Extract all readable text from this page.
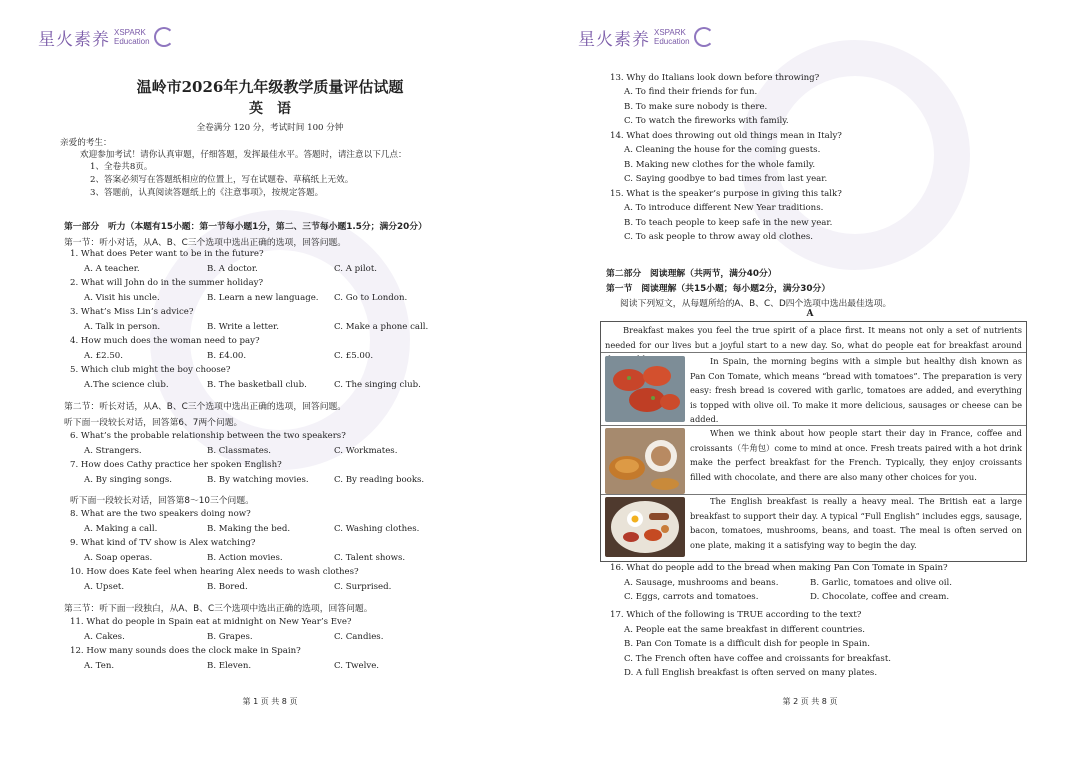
星火素养 XSPARK
Education
温岭市2026年九年级教学质量评估试题
英　语
全卷满分 120 分，考试时间 100 分钟
亲爱的考生：
欢迎参加考试！请你认真审题，仔细答题，发挥最佳水平。答题时，请注意以下几点：
1、全卷共8页。
2、答案必须写在答题纸相应的位置上，写在试题卷、草稿纸上无效。
3、答题前，认真阅读答题纸上的《注意事项》，按规定答题。
第一部分　听力（本题有15小题：第一节每小题1分，第二、三节每小题1.5分；满分20分）
第一节：听小对话，从A、B、C三个选项中选出正确的选项，回答问题。
1. What does Peter want to be in the future?
A. A teacher.	B. A doctor.	C. A pilot.
2. What will John do in the summer holiday?
A. Visit his uncle.	B. Learn a new language. C. Go to London.
3. What’s Miss Lin’s advice?
A. Talk in person.	B. Write a letter.	C. Make a phone call.
4. How much does the woman need to pay?
A. £2.50.	B. £4.00.	C. £5.00.
5. Which club might the boy choose?
A.The science club.	B. The basketball club.	C. The singing club.
第二节：听长对话，从A、B、C三个选项中选出正确的选项，回答问题。
听下面一段较长对话，回答第6、7两个问题。
6. What’s the probable relationship between the two speakers?
A. Strangers.	B. Classmates.	C. Workmates.
7. How does Cathy practice her spoken English?
A. By singing songs.	B. By watching movies.	C. By reading books.
听下面一段较长对话，回答第8～10三个问题。
8. What are the two speakers doing now?
A. Making a call.	B. Making the bed.	C. Washing clothes.
9. What kind of TV show is Alex watching?
A. Soap operas.	B. Action movies.	C. Talent shows.
10. How does Kate feel when hearing Alex needs to wash clothes?
A. Upset.	B. Bored.	C. Surprised.
第三节：听下面一段独白，从A、B、C三个选项中选出正确的选项，回答问题。
11. What do people in Spain eat at midnight on New Year’s Eve?
A. Cakes.	B. Grapes.	C. Candies.
12. How many sounds does the clock make in Spain?
A. Ten.	B. Eleven.	C. Twelve.
第 1 页 共 8 页
星火素养 XSPARK
Education
13. Why do Italians look down before throwing?
A. To find their friends for fun.
B. To make sure nobody is there.
C. To watch the fireworks with family.
14. What does throwing out old things mean in Italy?
A. Cleaning the house for the coming guests.
B. Making new clothes for the whole family.
C. Saying goodbye to bad times from last year.
15. What is the speaker’s purpose in giving this talk?
A. To introduce different New Year traditions.
B. To teach people to keep safe in the new year.
C. To ask people to throw away old clothes.
第二部分　阅读理解（共两节，满分40分）
第一节　阅读理解（共15小题；每小题2分，满分30分）
阅读下列短文，从每题所给的A、B、C、D四个选项中选出最佳选项。
A
Breakfast makes you feel the true spirit of a place first. It means not only a set of nutrients needed for our lives but a joyful start to a new day. So, what do people eat for breakfast around
In Spain, the morning begins with a simple but healthy dish known as Pan Con Tomate, which means “bread with tomatoes”. The preparation is very easy: fresh bread is covered with garlic, tomatoes are added, and everything is topped with olive oil. To make it more delicious, sausages or cheese can be added.
When we think about how people start their day in France, coffee and croissants（牛角包）come to mind at once. Fresh treats paired with a hot drink make the perfect breakfast for the French. Typically, they enjoy croissants filled with chocolate, and there are also many other choices for you.
The English breakfast is really a heavy meal. The British eat a large breakfast to support their day. A typical “Full English” includes eggs, sausage, bacon, tomatoes, mushrooms, beans, and toast. The meal is often served on one plate, making it a satisfying way to begin the day.
16. What do people add to the bread when making Pan Con Tomate in Spain?
A. Sausage, mushrooms and beans.	B. Garlic, tomatoes and olive oil.
C. Eggs, carrots and tomatoes.	D. Chocolate, coffee and cream.
17. Which of the following is TRUE according to the text?
A. People eat the same breakfast in different countries.
B. Pan Con Tomate is a difficult dish for people in Spain.
C. The French often have coffee and croissants for breakfast.
D. A full English breakfast is often served on many plates.
第 2 页 共 8 页
